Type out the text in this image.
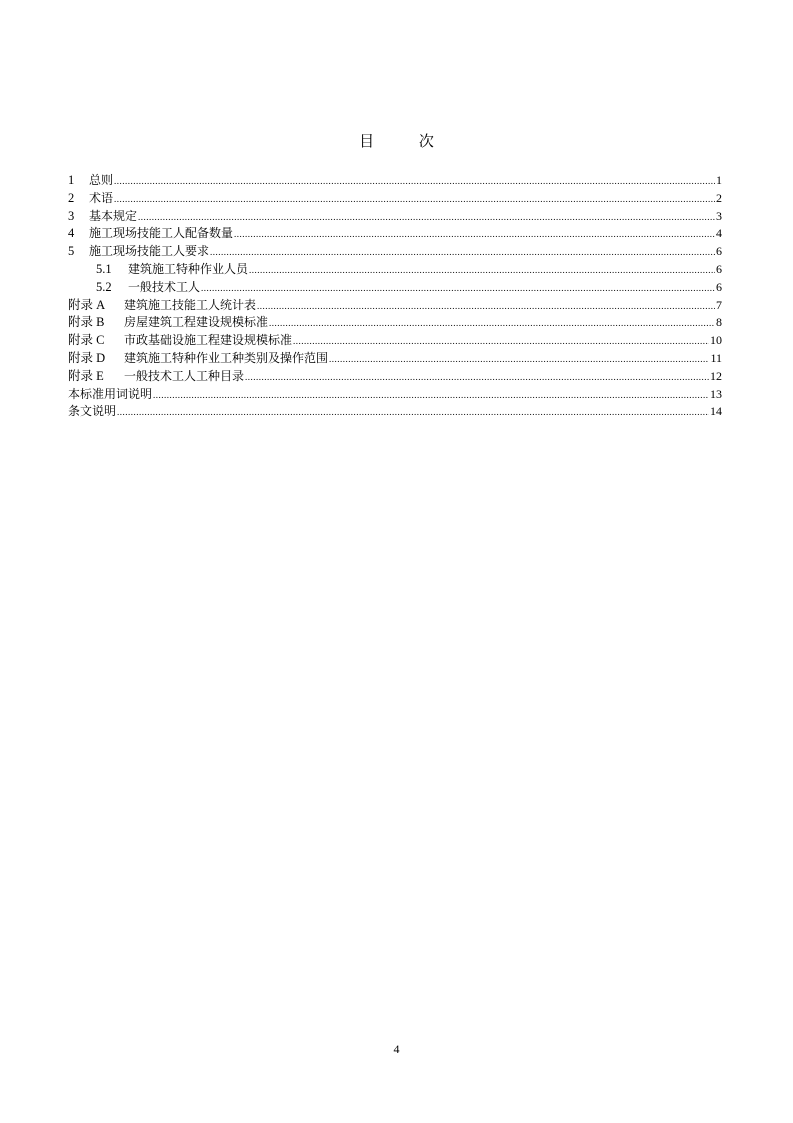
目 次
1	总则 .....	1
2	术语 .....	2
3	基本规定 .....	3
4	施工现场技能工人配备数量 .....	4
5	施工现场技能工人要求 .....	6
5.1	建筑施工特种作业人员 .....	6
5.2	一般技术工人 .....	6
附录 A	建筑施工技能工人统计表 .....	7
附录 B	房屋建筑工程建设规模标准 .....	8
附录 C	市政基础设施工程建设规模标准 .....	10
附录 D	建筑施工特种作业工种类别及操作范围 .....	11
附录 E	一般技术工人工种目录 .....	12
本标准用词说明 .....	13
条文说明 .....	14
4
